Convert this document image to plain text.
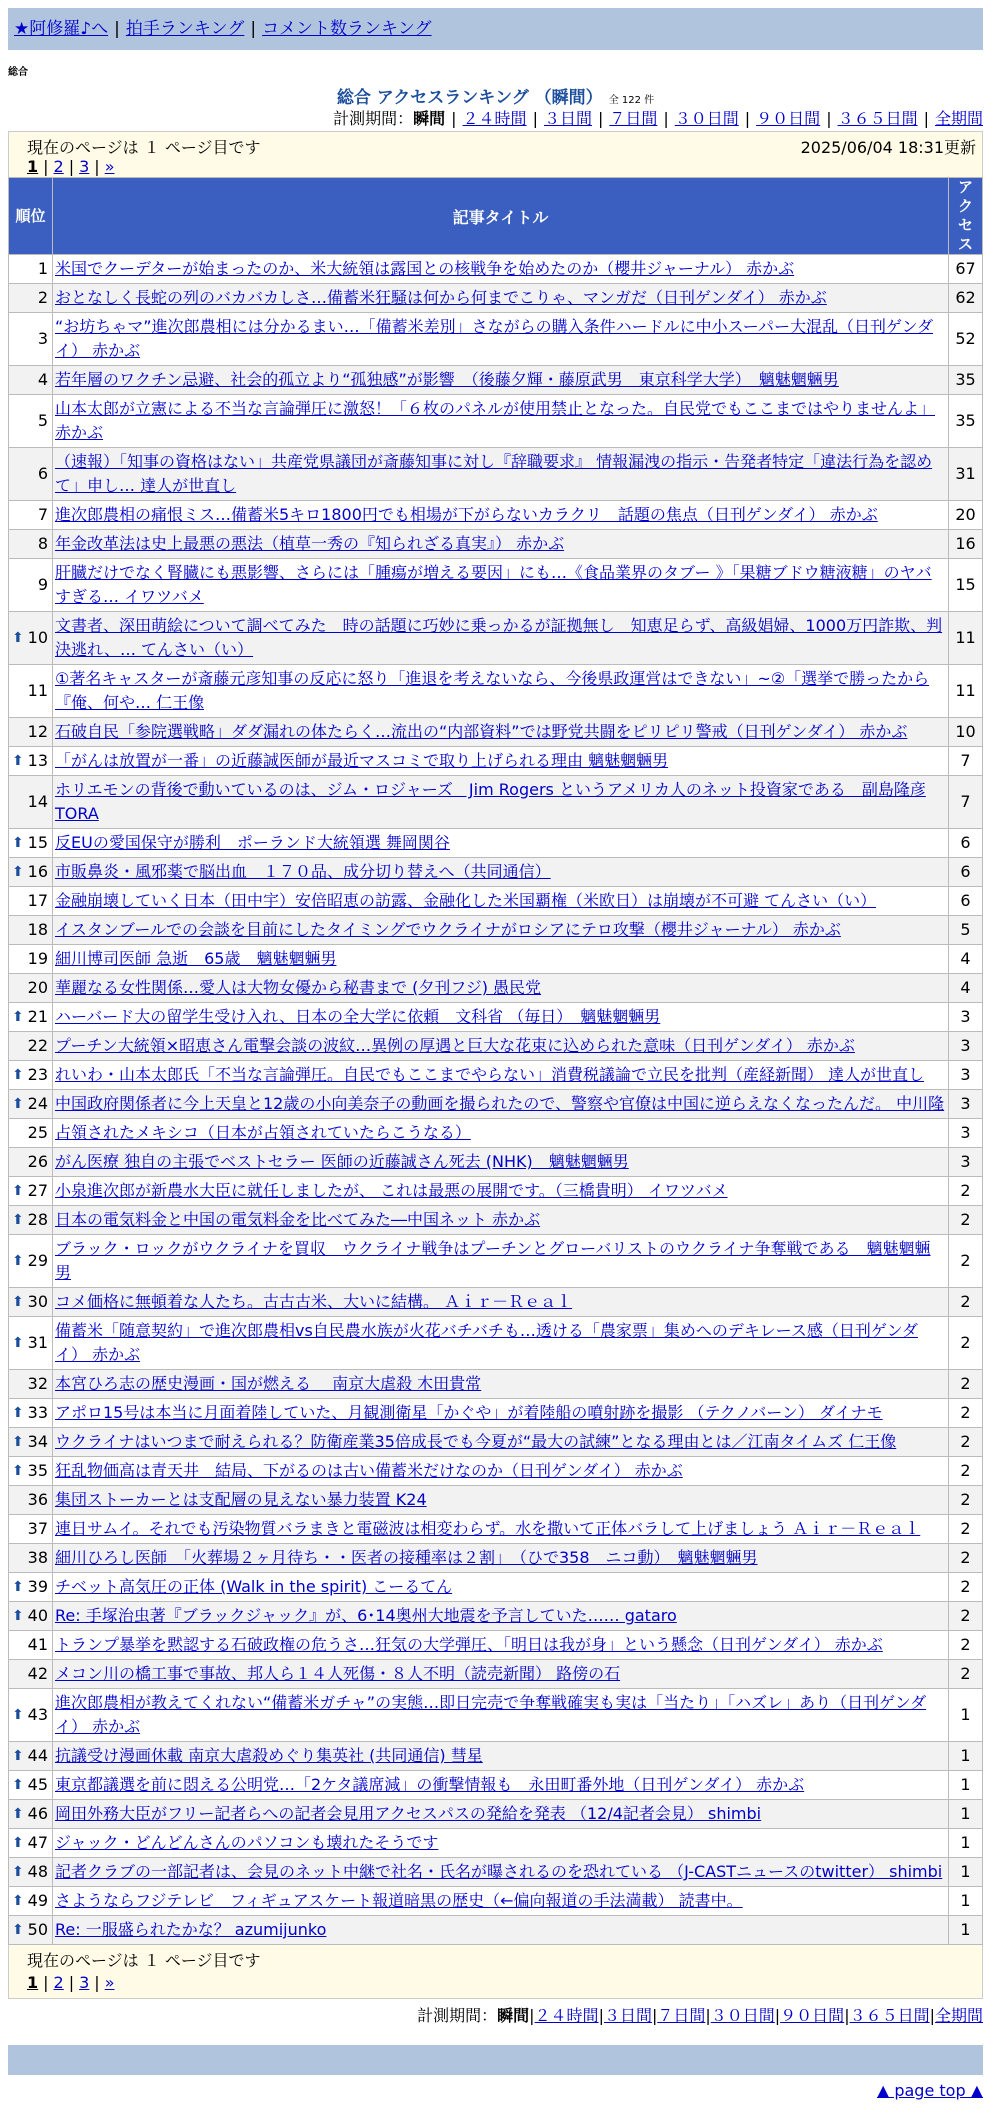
★阿修羅♪へ | 拍手ランキング | コメント数ランキング
総合
総合 アクセスランキング （瞬間） 全 122 件
計測期間：瞬間 | ２４時間 | ３日間 | ７日間 | ３０日間 | ９０日間 | ３６５日間 | 全期間
現在のページは １ ページ目です	2025/06/04 18:31更新
1 | 2 | 3 | »
順位	記事タイトル	アクセス
1	米国でクーデターが始まったのか、米大統領は露国との核戦争を始めたのか（櫻井ジャーナル） 赤かぶ	67
2	おとなしく長蛇の列のバカバカしさ…備蓄米狂騒は何から何までこりゃ、マンガだ（日刊ゲンダイ） 赤かぶ	62
3	“お坊ちゃマ”進次郎農相には分かるまい…「備蓄米差別」さながらの購入条件ハードルに中小スーパー大混乱（日刊ゲンダイ） 赤かぶ	52
4	若年層のワクチン忌避、社会的孤立より“孤独感”が影響　（後藤夕輝・藤原武男　東京科学大学）　魑魅魍魎男	35
5	山本太郎が立憲による不当な言論弾圧に激怒！「６枚のパネルが使用禁止となった。自民党でもここまではやりませんよ」 赤かぶ	35
6	（速報）「知事の資格はない」共産党県議団が斎藤知事に対し『辞職要求』 情報漏洩の指示・告発者特定「違法行為を認めて」申し… 達人が世直し	31
7	進次郎農相の痛恨ミス…備蓄米5キロ1800円でも相場が下がらないカラクリ　話題の焦点（日刊ゲンダイ） 赤かぶ	20
8	年金改革法は史上最悪の悪法（植草一秀の『知られざる真実』） 赤かぶ	16
9	肝臓だけでなく腎臓にも悪影響、さらには「腫瘍が増える要因」にも…《食品業界のタブー 》「果糖ブドウ糖液糖」のヤバすぎる… イワツバメ	15

⬆ 10	文書者、深田萌絵について調べてみた　時の話題に巧妙に乗っかるが証拠無し　知恵足らず、高級娼婦、1000万円詐欺、判決逃れ、… てんさい（い）	11
11	①著名キャスターが斎藤元彦知事の反応に怒り「進退を考えないなら、今後県政運営はできない」~②「選挙で勝ったから『俺、何や… 仁王像	11
12	石破自民「参院選戦略」ダダ漏れの体たらく…流出の“内部資料”では野党共闘をピリピリ警戒（日刊ゲンダイ） 赤かぶ	10

⬆ 13	「がんは放置が一番」の近藤誠医師が最近マスコミで取り上げられる理由 魑魅魍魎男	7
14	ホリエモンの背後で動いているのは、ジム・ロジャーズ　Jim Rogers というアメリカ人のネット投資家である　副島隆彦 TORA	7

⬆ 15	反EUの愛国保守が勝利　ポーランド大統領選 舞岡関谷	6

⬆ 16	市販鼻炎・風邪薬で脳出血　１７０品、成分切り替えへ（共同通信）	6
17	金融崩壊していく日本（田中宇）安倍昭恵の訪露、金融化した米国覇権（米欧日）は崩壊が不可避 てんさい（い）	6
18	イスタンブールでの会談を目前にしたタイミングでウクライナがロシアにテロ攻撃（櫻井ジャーナル） 赤かぶ	5
19	細川博司医師 急逝　65歳　魑魅魍魎男	4
20	華麗なる女性関係…愛人は大物女優から秘書まで (夕刊フジ) 愚民党	4

⬆ 21	ハーバード大の留学生受け入れ、日本の全大学に依頼　文科省 （毎日）　魑魅魍魎男	3
22	プーチン大統領×昭恵さん電撃会談の波紋…異例の厚遇と巨大な花束に込められた意味（日刊ゲンダイ） 赤かぶ	3

⬆ 23	れいわ・山本太郎氏「不当な言論弾圧。自民でもここまでやらない」消費税議論で立民を批判（産経新聞） 達人が世直し	3

⬆ 24	中国政府関係者に今上天皇と12歳の小向美奈子の動画を撮られたので、警察や官僚は中国に逆らえなくなったんだ。 中川隆	3
25	占領されたメキシコ（日本が占領されていたらこうなる）	3
26	がん医療 独自の主張でベストセラー 医師の近藤誠さん死去 (NHK)　魑魅魍魎男	3

⬆ 27	小泉進次郎が新農水大臣に就任しましたが、 これは最悪の展開です。（三橋貴明） イワツバメ	2

⬆ 28	日本の電気料金と中国の電気料金を比べてみた―中国ネット 赤かぶ	2

⬆ 29	ブラック・ロックがウクライナを買収　ウクライナ戦争はプーチンとグローバリストのウクライナ争奪戦である　魑魅魍魎男	2

⬆ 30	コメ価格に無頓着な人たち。古古古米、大いに結構。 Ａｉｒ－Ｒｅａｌ	2

⬆ 31	備蓄米「随意契約」で進次郎農相vs自民農水族が火花バチバチも…透ける「農家票」集めへのデキレース感（日刊ゲンダイ） 赤かぶ	2
32	本宮ひろ志の歴史漫画・国が燃える　 南京大虐殺 木田貴常	2

⬆ 33	アポロ15号は本当に月面着陸していた、月観測衛星「かぐや」が着陸船の噴射跡を撮影 （テクノバーン） ダイナモ	2

⬆ 34	ウクライナはいつまで耐えられる？防衛産業35倍成長でも今夏が“最大の試練”となる理由とは／江南タイムズ 仁王像	2

⬆ 35	狂乱物価高は青天井　結局、下がるのは古い備蓄米だけなのか（日刊ゲンダイ） 赤かぶ	2
36	集団ストーカーとは支配層の見えない暴力装置 K24	2
37	連日サムイ。それでも汚染物質バラまきと電磁波は相変わらず。水を撒いて正体バラして上げましょう Ａｉｒ－Ｒｅａｌ	2
38	細川ひろし医師　「火葬場２ヶ月待ち・・医者の接種率は２割」　（ひで358　ニコ動）　魑魅魍魎男	2

⬆ 39	チベット高気圧の正体 (Walk in the spirit) こーるてん	2

⬆ 40	Re: 手塚治虫著『ブラックジャック』が、6･14奥州大地震を予言していた…… gataro	2
41	トランプ暴挙を黙認する石破政権の危うさ…狂気の大学弾圧、「明日は我が身」という懸念（日刊ゲンダイ） 赤かぶ	2
42	メコン川の橋工事で事故、邦人ら１４人死傷・８人不明（読売新聞） 路傍の石	2

⬆ 43	進次郎農相が教えてくれない“備蓄米ガチャ”の実態…即日完売で争奪戦確実も実は「当たり」「ハズレ」あり（日刊ゲンダイ） 赤かぶ	1

⬆ 44	抗議受け漫画休載 南京大虐殺めぐり集英社 (共同通信) 彗星	1

⬆ 45	東京都議選を前に悶える公明党…「2ケタ議席減」の衝撃情報も　永田町番外地（日刊ゲンダイ） 赤かぶ	1

⬆ 46	岡田外務大臣がフリー記者らへの記者会見用アクセスパスの発給を発表 （12/4記者会見） shimbi	1

⬆ 47	ジャック・どんどんさんのパソコンも壊れたそうです	1

⬆ 48	記者クラブの一部記者は、会見のネット中継で社名・氏名が曝されるのを恐れている （J-CASTニュースのtwitter） shimbi	1

⬆ 49	さようならフジテレビ　フィギュアスケート報道暗黒の歴史（←偏向報道の手法満載） 読書中。	1

⬆ 50	Re: 一服盛られたかな？ azumijunko	1
現在のページは １ ページ目です
1 | 2 | 3 | »
計測期間：瞬間|２４時間|３日間|７日間|３０日間|９０日間|３６５日間|全期間
▲ page top ▲
